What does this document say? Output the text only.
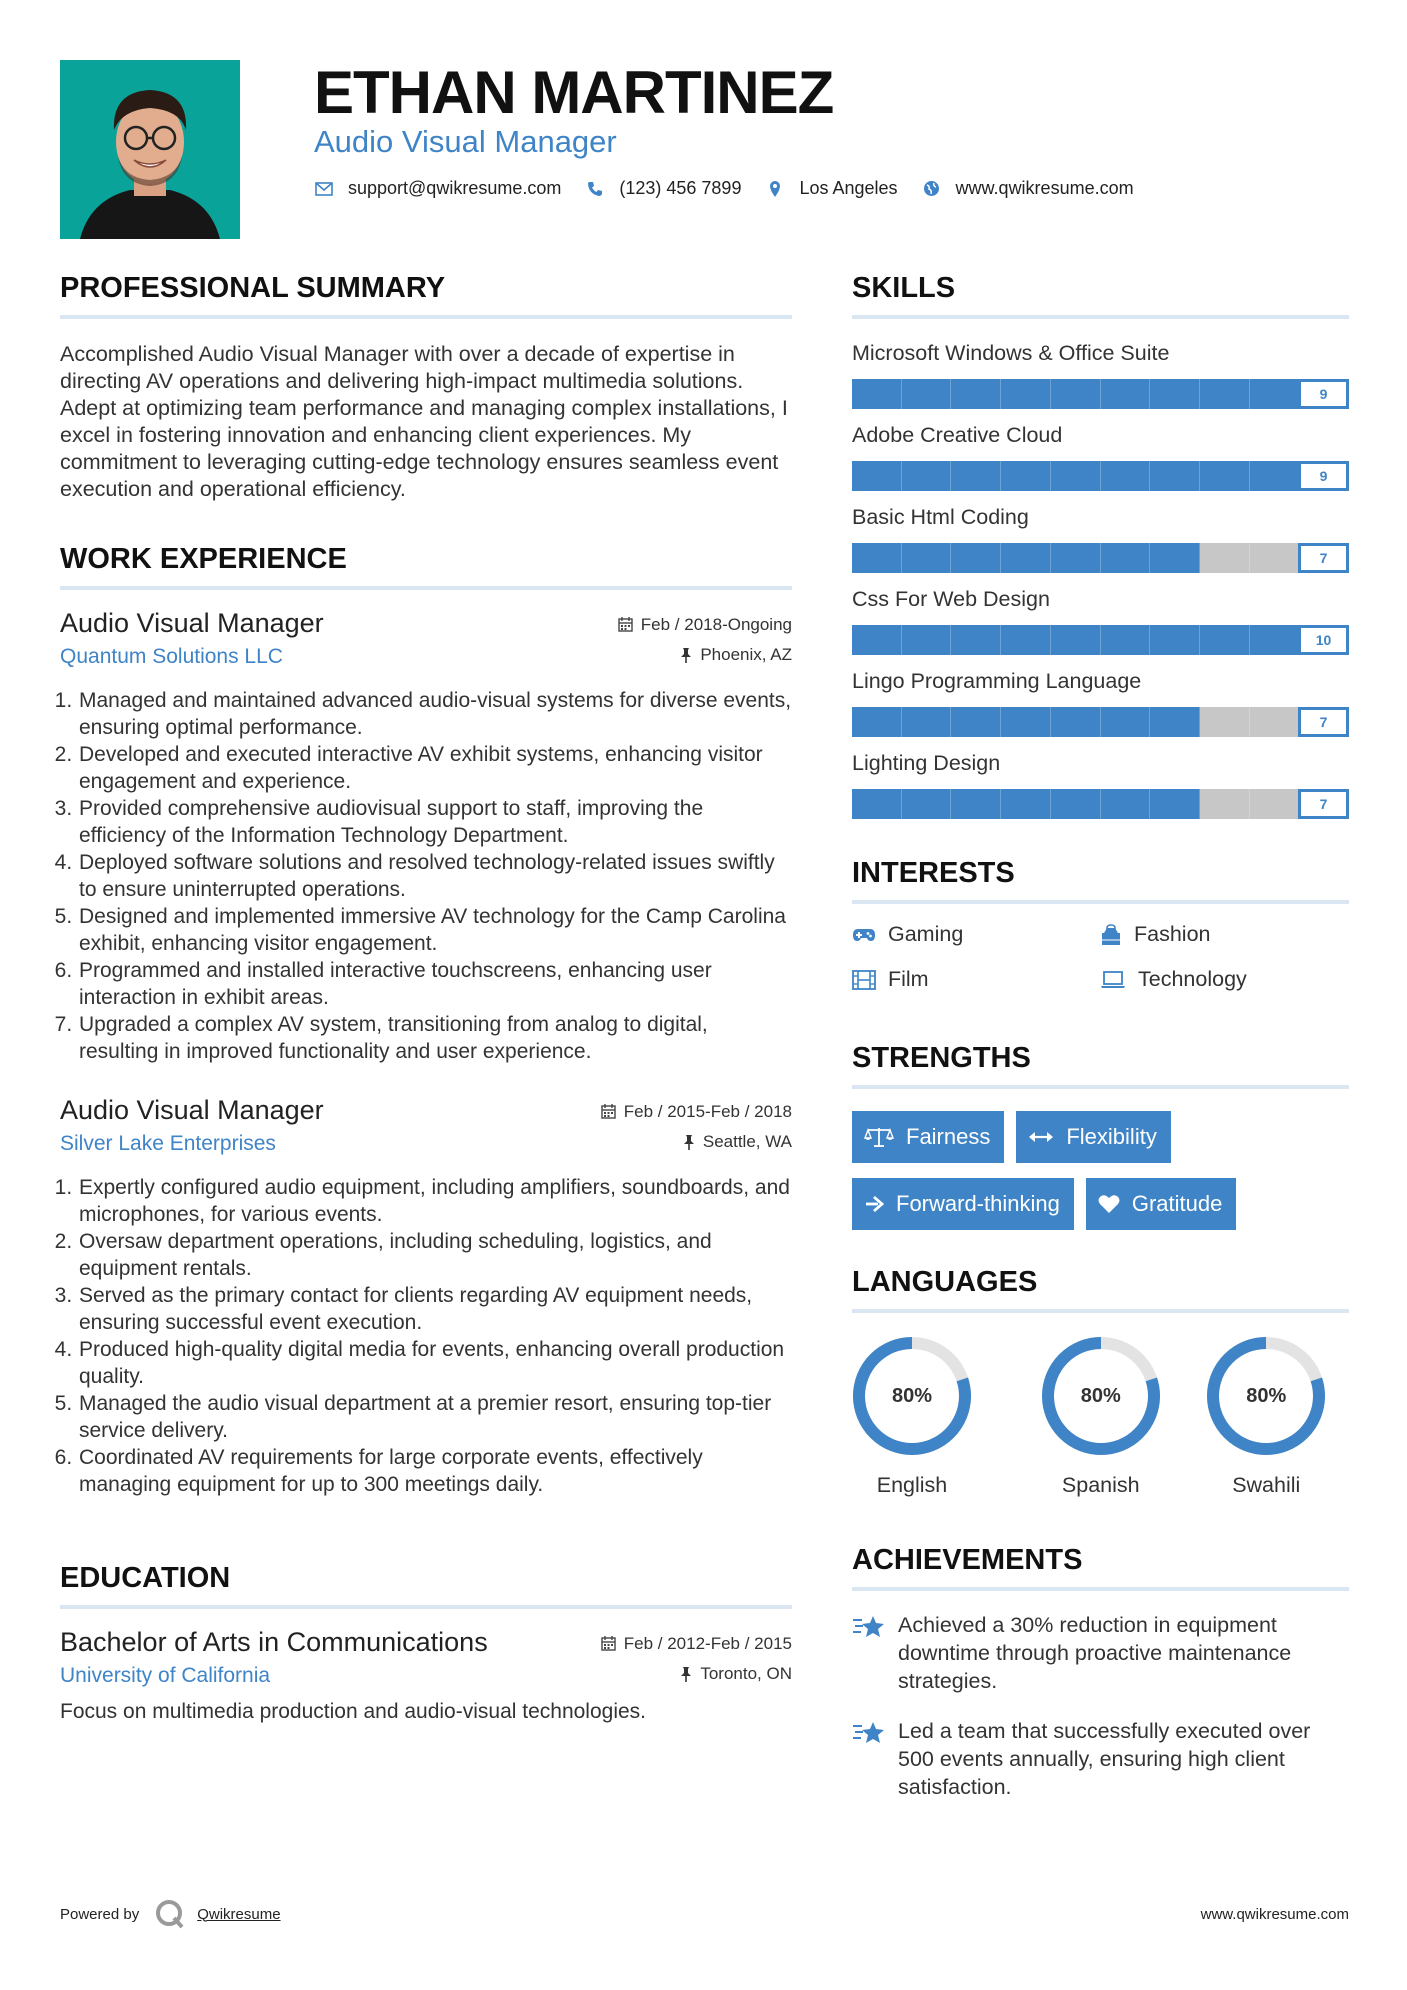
ETHAN MARTINEZ
Audio Visual Manager
support@qwikresume.com	(123) 456 7899	Los Angeles	www.qwikresume.com
PROFESSIONAL SUMMARY

Accomplished Audio Visual Manager with over a decade of expertise in directing AV operations and delivering high-impact multimedia solutions. Adept at optimizing team performance and managing complex installations, I excel in fostering innovation and enhancing client experiences. My commitment to leveraging cutting-edge technology ensures seamless event execution and operational efficiency.

WORK EXPERIENCE
Audio Visual Manager	Feb / 2018-Ongoing
Quantum Solutions LLC	Phoenix, AZ
1. Managed and maintained advanced audio-visual systems for diverse events, ensuring optimal performance.
2. Developed and executed interactive AV exhibit systems, enhancing visitor engagement and experience.
3. Provided comprehensive audiovisual support to staff, improving the efficiency of the Information Technology Department.
4. Deployed software solutions and resolved technology-related issues swiftly to ensure uninterrupted operations.
5. Designed and implemented immersive AV technology for the Camp Carolina exhibit, enhancing visitor engagement.
6. Programmed and installed interactive touchscreens, enhancing user interaction in exhibit areas.
7. Upgraded a complex AV system, transitioning from analog to digital, resulting in improved functionality and user experience.
Audio Visual Manager	Feb / 2015-Feb / 2018
Silver Lake Enterprises	Seattle, WA
1. Expertly configured audio equipment, including amplifiers, soundboards, and microphones, for various events.
2. Oversaw department operations, including scheduling, logistics, and equipment rentals.
3. Served as the primary contact for clients regarding AV equipment needs, ensuring successful event execution.
4. Produced high-quality digital media for events, enhancing overall production quality.
5. Managed the audio visual department at a premier resort, ensuring top-tier service delivery.
6. Coordinated AV requirements for large corporate events, effectively managing equipment for up to 300 meetings daily.
EDUCATION
Bachelor of Arts in Communications	Feb / 2012-Feb / 2015
University of California	Toronto, ON

Focus on multimedia production and audio-visual technologies.

SKILLS
Microsoft Windows & Office Suite
9
Adobe Creative Cloud
9
Basic Html Coding
7
Css For Web Design
10
Lingo Programming Language
7
Lighting Design
7
INTERESTS
Gaming	Fashion
Film	Technology
STRENGTHS
Fairness	Flexibility
Forward-thinking	Gratitude
LANGUAGES
80%
English
80%
Spanish
80%
Swahili
ACHIEVEMENTS
Achieved a 30% reduction in equipment downtime through proactive maintenance strategies.
Led a team that successfully executed over 500 events annually, ensuring high client satisfaction.
Powered by	Qwikresume	www.qwikresume.com
